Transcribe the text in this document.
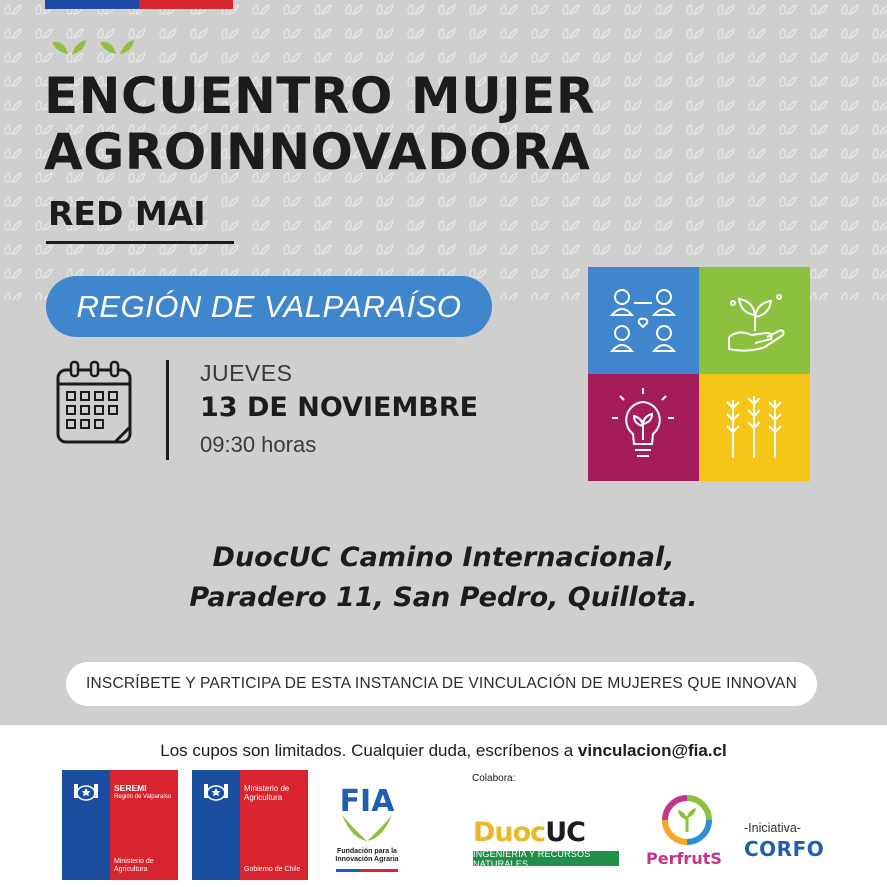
ENCUENTRO MUJER
AGROINNOVADORA
RED MAI
REGIÓN DE VALPARAÍSO
JUEVES
13 DE NOVIEMBRE
09:30 horas
DuocUC Camino Internacional,
Paradero 11, San Pedro, Quillota.
INSCRÍBETE Y PARTICIPA DE ESTA INSTANCIA DE VINCULACIÓN DE MUJERES QUE INNOVAN
Los cupos son limitados. Cualquier duda, escríbenos a vinculacion@fia.cl
SEREMI
Región de Valparaíso
Ministerio de Agricultura
Ministerio de Agricultura
Gobierno de Chile
FIA
Fundación para la Innovación Agraria
Colabora:
DuocUC
INGENIERÍA Y RECURSOS NATURALES	PerfrutS
-Iniciativa-
CORFO
